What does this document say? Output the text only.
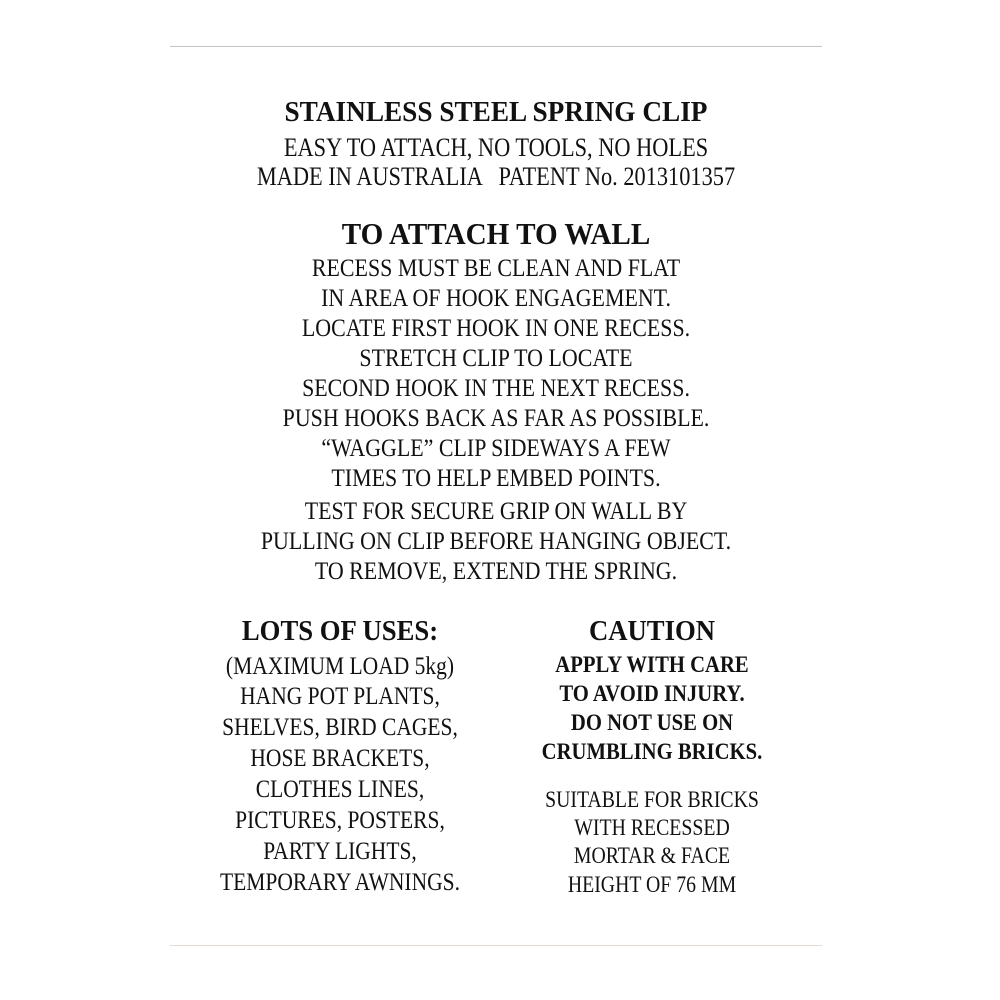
STAINLESS STEEL SPRING CLIP
EASY TO ATTACH, NO TOOLS, NO HOLES
MADE IN AUSTRALIA   PATENT No. 2013101357
TO ATTACH TO WALL
RECESS MUST BE CLEAN AND FLAT
IN AREA OF HOOK ENGAGEMENT.
LOCATE FIRST HOOK IN ONE RECESS.
STRETCH CLIP TO LOCATE
SECOND HOOK IN THE NEXT RECESS.
PUSH HOOKS BACK AS FAR AS POSSIBLE.
“WAGGLE” CLIP SIDEWAYS A FEW
TIMES TO HELP EMBED POINTS.
TEST FOR SECURE GRIP ON WALL BY
PULLING ON CLIP BEFORE HANGING OBJECT.
TO REMOVE, EXTEND THE SPRING.
LOTS OF USES:
(MAXIMUM LOAD 5kg)
HANG POT PLANTS,
SHELVES, BIRD CAGES,
HOSE BRACKETS,
CLOTHES LINES,
PICTURES, POSTERS,
PARTY LIGHTS,
TEMPORARY AWNINGS.
CAUTION
APPLY WITH CARE
TO AVOID INJURY.
DO NOT USE ON
CRUMBLING BRICKS.
SUITABLE FOR BRICKS
WITH RECESSED
MORTAR & FACE
HEIGHT OF 76 MM
